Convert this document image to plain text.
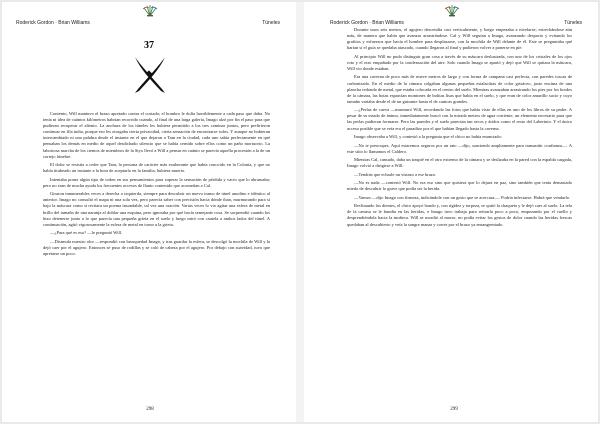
Roderick Gordon · Brian Williams	Túneles
37

Contento, Will mantuvo el brazo apretado contra el costado; el hombro le dolía horriblemente a cada paso que daba. No tenía ni idea de cuántos kilómetros habrían recorrido cuando, al final de una larga galería, Imago alzó por fin el paso para que pudieran recuperar el aliento. La anchura de los túneles les hubiera permitido a los tres caminar juntos, pero prefirieron continuar en fila india, porque eso les otorgaba cierta privacidad, cierta sensación de encontrarse solos. Y aunque no hubieran intercambiado ni una palabra desde el instante en el que dejaron a Tam en la ciudad, cada uno sabía perfectamente en qué pensaban los demás en medio de aquel desdichado silencio que se había cernido sobre ellos como un paño mortuorio. La laboriosa marcha de los cientos de miembros de la Styx llevó a Will a pensar en cuánto se parecía aquella procesión a la de un cortejo fúnebre.

El dolor se resistía a ceder que Tam, la persona de carácter más exuberante que había conocido en la Colonia, y que no había titubeado un instante a la hora de aceptarlo en la familia, hubiera muerto.

Intentaba poner algún tipo de orden en sus pensamientos para superar la sensación de pérdida y vacío que lo abrumaba; pero no eran de mucha ayuda los frecuentes accesos de llanto contenido que acometían a Cal.

Giraron innumerables veces a derecha o izquierda, siempre para descubrir un nuevo tramo de túnel anodino e idéntico al anterior. Imago no consultó el mapa ni una sola vez, pero parecía saber con precisión hacia dónde iban, murmurando para sí bajo la máscara como si recitara un poema insondable, tal vez una oración. Varias veces lo vio agitar una esfera de metal en brillo del tamaño de una naranja al doblar una esquina, pero ignoraba por qué hacía semejante cosa. Se sorprendió cuando los hizo detenerse junto a lo que parecía una pequeña grieta en el suelo y luego miró con cautela a ambos lados del túnel. A continuación, agitó vigorosamente la esfera de metal en torno a la grieta.

—¿Para qué es eso? —le preguntó Will.

—Disimula nuestro olor —respondió con brusquedad Imago, y tras guardar la esfera, se descolgó la mochila de Will y la dejó caer por el agujero. Entonces se puso de rodillas y se coló de cabeza por el agujero. Por debajo con suavidad, tuvo que apretarse un poco.

298
Roderick Gordon · Brian Williams	Túneles

Durante unos seis metros, el agujero descendía casi verticalmente, y luego empezaba a nivelarse; estrechándose aún más, de manera que había que avanzar arrastrándose. Cal y Will seguían a Imago, avanzando despacio y evitando los grafitos y esfuerzos que hacía el hombre para desplazarse, con la mochila de Will delante de él. Este se preguntaba qué harían si el guía se quedaba atascado, cuando llegaron al final y pudieron volver a ponerse en pie.

Al principio Will no pudo distinguir gran cosa a través de su máscara deslustrada, con uno de los cristales de los ojos roto y el otro empañado por la condensación del aire. Solo cuando Imago se apartó y dejó que Will se quitara la máscara, Will vio donde estaban.

Era una caverna de poco más de nueve metros de largo y con forma de campana casi perfecta, con paredes toscas de carbonizado. En el medio de la cámara colgaban algunas pequeñas estalactitas de color grisáceo, justo encima de una plancha redonda de metal, que estaba colocada en el centro del suelo. Mientras avanzaban arrastrando los pies por los bordes de la cámara, las botas esparcían montones de bolitas lisas que había en el suelo, y que eran de color amarillo sucio y cuyo tamaño variaba desde el de un guisante hasta el de canicas grandes.

—¿Perlas de cueva —murmuró Will, recordando las fotos que había visto de ellas en uno de los libros de su padre. A pesar de su estado de ánimo, inmediatamente buscó con la mirada metros de agua corriente, un elemento necesario para que las perlas pudieran formarse. Pero las paredes y el suelo parecían tan secos y áridos como el resto del Laberinto. Y el único acceso posible que se veía era el pasadizo por el que habían llegado hasta la caverna.

Imago observaba a Will, y contestó a la pregunta que el chico no había enunciado:

—No te preocupes. Aquí estaremos seguros por un rato —dijo, sonriendo ampliamente para transmitir confianza—. A este sitio lo llamamos el Caldero.

Mientras Cal, cansado, daba un traspié en el otro extremo de la cámara y se deslizaba en la pared con la espalda cargada, Imago volvió a dirigirse a Will:

—Tendrás que echarle un vistazo a ese brazo.

—No es nada —contestó Will. No era eso sino que quisiera que lo dejara en paz, sino también que tenía demasiado miedo de descubrir lo grave que podía ser la herida.

—Vamos —dijo Imago con firmeza, indicándole con un gesto que se acercara—. Podría infectarse. Habrá que vendarlo.

Reclinando los dientes, el chico apoyó hondo y, con rigidez y torpeza, se quitó la chaqueta y le dejó caer al suelo. La tela de la camisa se le hundía en las heridas, e Imago tuvo trabajo para retirarla poco a poco, empezando por el cuello y desprendiéndola hacia la muñeca. Will se mordió al morse, no podía evitar los gestos de dolor cuando las heridas frescas quedaban al descubierto y veía la sangre manar y correr por el brazo ya ensangrentado.

299
